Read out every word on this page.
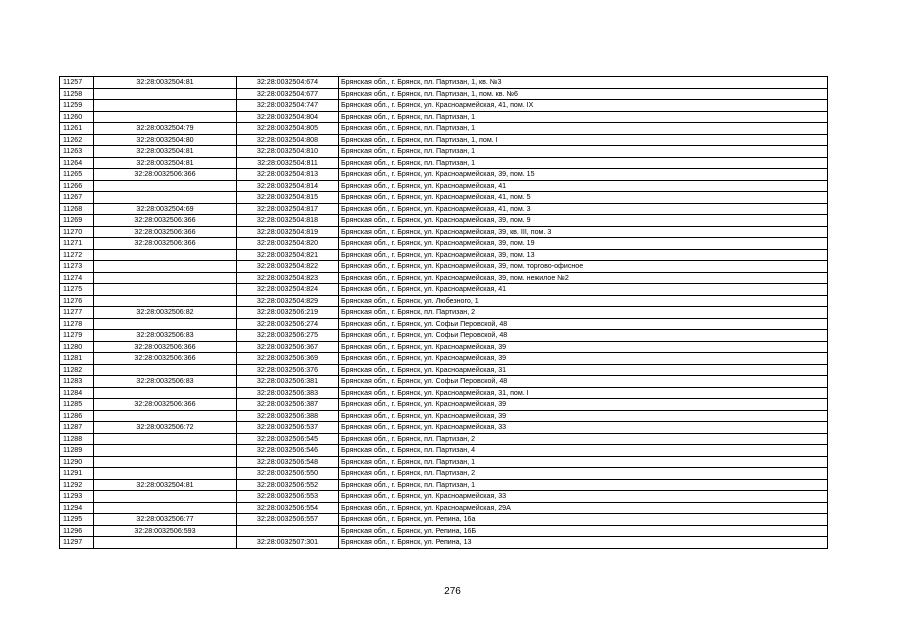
11257	32:28:0032504:81	32:28:0032504:674	Брянская обл., г. Брянск, пл. Партизан, 1, кв. №3
11258		32:28:0032504:677	Брянская обл., г. Брянск, пл. Партизан, 1, пом. кв. №6
11259		32:28:0032504:747	Брянская обл., г. Брянск, ул. Красноармейская, 41, пом. IX
11260		32:28:0032504:804	Брянская обл., г. Брянск, пл. Партизан, 1
11261	32:28:0032504:79	32:28:0032504:805	Брянская обл., г. Брянск, пл. Партизан, 1
11262	32:28:0032504:80	32:28:0032504:808	Брянская обл., г. Брянск, пл. Партизан, 1, пом. I
11263	32:28:0032504:81	32:28:0032504:810	Брянская обл., г. Брянск, пл. Партизан, 1
11264	32:28:0032504:81	32:28:0032504:811	Брянская обл., г. Брянск, пл. Партизан, 1
11265	32:28:0032506:366	32:28:0032504:813	Брянская обл., г. Брянск, ул. Красноармейская, 39, пом. 15
11266		32:28:0032504:814	Брянская обл., г. Брянск, ул. Красноармейская, 41
11267		32:28:0032504:815	Брянская обл., г. Брянск, ул. Красноармейская, 41, пом. 5
11268	32:28:0032504:69	32:28:0032504:817	Брянская обл., г. Брянск, ул. Красноармейская, 41, пом. 3
11269	32:28:0032506:366	32:28:0032504:818	Брянская обл., г. Брянск, ул. Красноармейская, 39, пом. 9
11270	32:28:0032506:366	32:28:0032504:819	Брянская обл., г. Брянск, ул. Красноармейская, 39, кв. III, пом. 3
11271	32:28:0032506:366	32:28:0032504:820	Брянская обл., г. Брянск, ул. Красноармейская, 39, пом. 19
11272		32:28:0032504:821	Брянская обл., г. Брянск, ул. Красноармейская, 39, пом. 13
11273		32:28:0032504:822	Брянская обл., г. Брянск, ул. Красноармейская, 39, пом. торгово-офисное
11274		32:28:0032504:823	Брянская обл., г. Брянск, ул. Красноармейская, 39, пом. нежилое №2
11275		32:28:0032504:824	Брянская обл., г. Брянск, ул. Красноармейская, 41
11276		32:28:0032504:829	Брянская обл., г. Брянск, ул. Любезного, 1
11277	32:28:0032506:82	32:28:0032506:219	Брянская обл., г. Брянск, пл. Партизан, 2
11278		32:28:0032506:274	Брянская обл., г. Брянск, ул. Софьи Перовской, 48
11279	32:28:0032506:83	32:28:0032506:275	Брянская обл., г. Брянск, ул. Софьи Перовской, 48
11280	32:28:0032506:366	32:28:0032506:367	Брянская обл., г. Брянск, ул. Красноармейская, 39
11281	32:28:0032506:366	32:28:0032506:369	Брянская обл., г. Брянск, ул. Красноармейская, 39
11282		32:28:0032506:376	Брянская обл., г. Брянск, ул. Красноармейская, 31
11283	32:28:0032506:83	32:28:0032506:381	Брянская обл., г. Брянск, ул. Софьи Перовской, 48
11284		32:28:0032506:383	Брянская обл., г. Брянск, ул. Красноармейская, 31, пом. I
11285	32:28:0032506:366	32:28:0032506:387	Брянская обл., г. Брянск, ул. Красноармейская, 39
11286		32:28:0032506:388	Брянская обл., г. Брянск, ул. Красноармейская, 39
11287	32:28:0032506:72	32:28:0032506:537	Брянская обл., г. Брянск, ул. Красноармейская, 33
11288		32:28:0032506:545	Брянская обл., г. Брянск, пл. Партизан, 2
11289		32:28:0032506:546	Брянская обл., г. Брянск, пл. Партизан, 4
11290		32:28:0032506:548	Брянская обл., г. Брянск, пл. Партизан, 1
11291		32:28:0032506:550	Брянская обл., г. Брянск, пл. Партизан, 2
11292	32:28:0032504:81	32:28:0032506:552	Брянская обл., г. Брянск, пл. Партизан, 1
11293		32:28:0032506:553	Брянская обл., г. Брянск, ул. Красноармейская, 33
11294		32:28:0032506:554	Брянская обл., г. Брянск, ул. Красноармейская, 29А
11295	32:28:0032506:77	32:28:0032506:557	Брянская обл., г. Брянск, ул. Репина, 16а
11296	32:28:0032506:593		Брянская обл., г. Брянск, ул. Репина, 16Б
11297		32:28:0032507:301	Брянская обл., г. Брянск, ул. Репина, 13
276
